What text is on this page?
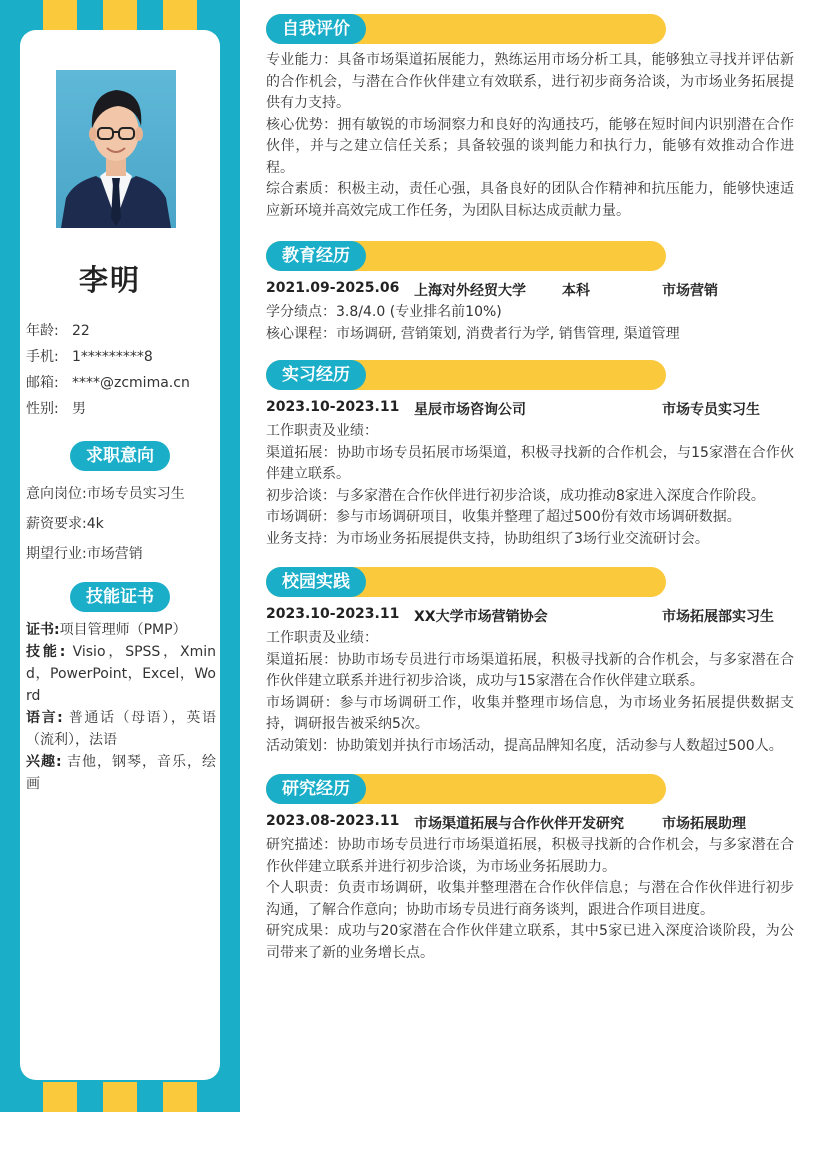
李明
年龄: 22
手机: 1*********8
邮箱: ****@zcmima.cn
性别: 男
求职意向
意向岗位:市场专员实习生
薪资要求:4k
期望行业:市场营销
技能证书

证书:项目管理师（PMP）

技能: Visio，SPSS，Xmind，PowerPoint，Excel，Word

语言: 普通话（母语），英语（流利），法语

兴趣: 吉他，钢琴，音乐，绘画

自我评价

专业能力：具备市场渠道拓展能力，熟练运用市场分析工具，能够独立寻找并评估新的合作机会，与潜在合作伙伴建立有效联系，进行初步商务洽谈，为市场业务拓展提供有力支持。

核心优势：拥有敏锐的市场洞察力和良好的沟通技巧，能够在短时间内识别潜在合作伙伴，并与之建立信任关系；具备较强的谈判能力和执行力，能够有效推动合作进程。

综合素质：积极主动，责任心强，具备良好的团队合作精神和抗压能力，能够快速适应新环境并高效完成工作任务，为团队目标达成贡献力量。

教育经历
2021.09-2025.06 上海对外经贸大学	本科	市场营销

学分绩点：3.8/4.0 (专业排名前10%)

核心课程：市场调研, 营销策划, 消费者行为学, 销售管理, 渠道管理

实习经历
2023.10-2023.11 星辰市场咨询公司	市场专员实习生

工作职责及业绩：

渠道拓展：协助市场专员拓展市场渠道，积极寻找新的合作机会，与15家潜在合作伙伴建立联系。

初步洽谈：与多家潜在合作伙伴进行初步洽谈，成功推动8家进入深度合作阶段。

市场调研：参与市场调研项目，收集并整理了超过500份有效市场调研数据。

业务支持：为市场业务拓展提供支持，协助组织了3场行业交流研讨会。

校园实践
2023.10-2023.11 XX大学市场营销协会	市场拓展部实习生

工作职责及业绩：

渠道拓展：协助市场专员进行市场渠道拓展，积极寻找新的合作机会，与多家潜在合作伙伴建立联系并进行初步洽谈，成功与15家潜在合作伙伴建立联系。

市场调研：参与市场调研工作，收集并整理市场信息，为市场业务拓展提供数据支持，调研报告被采纳5次。

活动策划：协助策划并执行市场活动，提高品牌知名度，活动参与人数超过500人。

研究经历
2023.08-2023.11 市场渠道拓展与合作伙伴开发研究	市场拓展助理

研究描述：协助市场专员进行市场渠道拓展，积极寻找新的合作机会，与多家潜在合作伙伴建立联系并进行初步洽谈，为市场业务拓展助力。

个人职责：负责市场调研，收集并整理潜在合作伙伴信息；与潜在合作伙伴进行初步沟通，了解合作意向；协助市场专员进行商务谈判，跟进合作项目进度。

研究成果：成功与20家潜在合作伙伴建立联系，其中5家已进入深度洽谈阶段，为公司带来了新的业务增长点。
